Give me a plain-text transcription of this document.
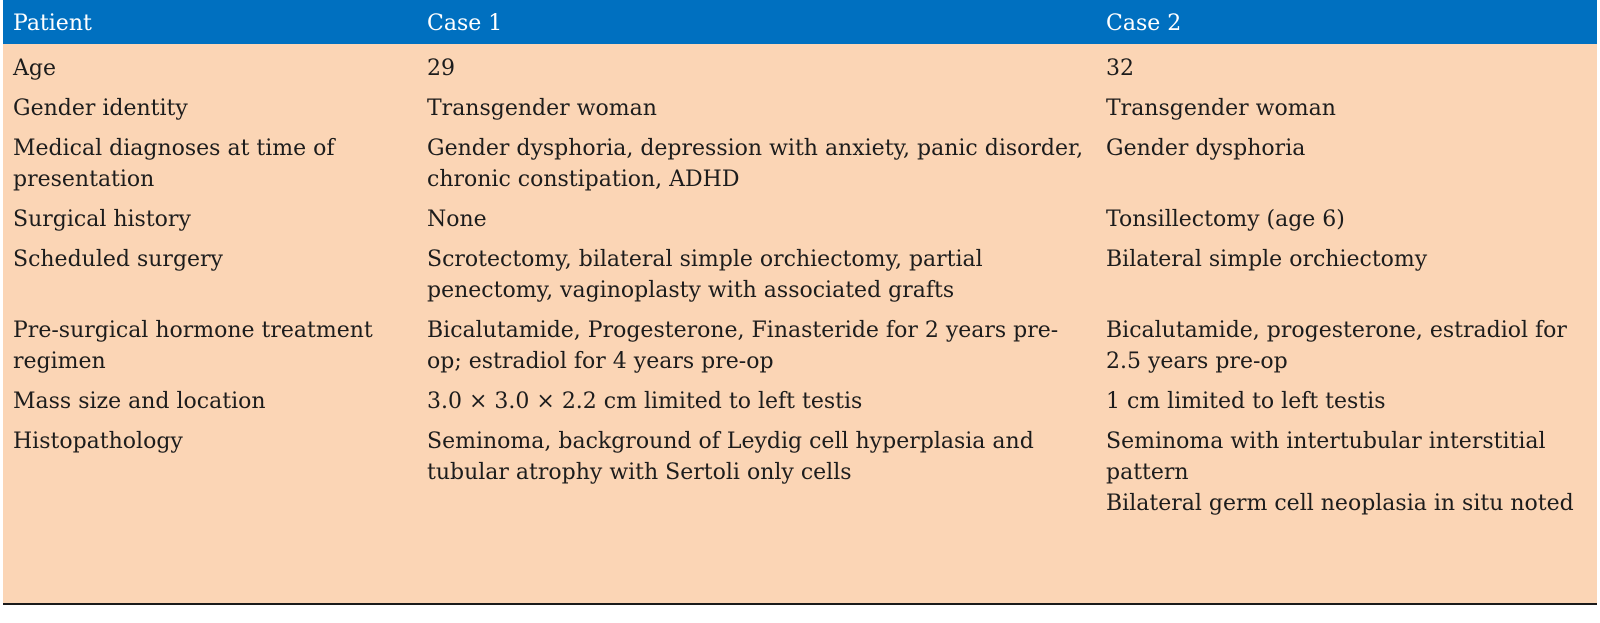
Patient	Case 1	Case 2
Age	29	32
Gender identity	Transgender woman	Transgender woman
Medical diagnoses at time of presentation	Gender dysphoria, depression with anxiety, panic disorder, chronic constipation, ADHD	Gender dysphoria
Surgical history	None	Tonsillectomy (age 6)
Scheduled surgery	Scrotectomy, bilateral simple orchiectomy, partial penectomy, vaginoplasty with associated grafts	Bilateral simple orchiectomy
Pre-surgical hormone treatment regimen	Bicalutamide, Progesterone, Finasteride for 2 years pre-op; estradiol for 4 years pre-op	Bicalutamide, progesterone, estradiol for 2.5 years pre-op
Mass size and location	3.0 × 3.0 × 2.2 cm limited to left testis	1 cm limited to left testis
Histopathology	Seminoma, background of Leydig cell hyperplasia and tubular atrophy with Sertoli only cells	Seminoma with intertubular interstitial pattern
Bilateral germ cell neoplasia in situ noted
